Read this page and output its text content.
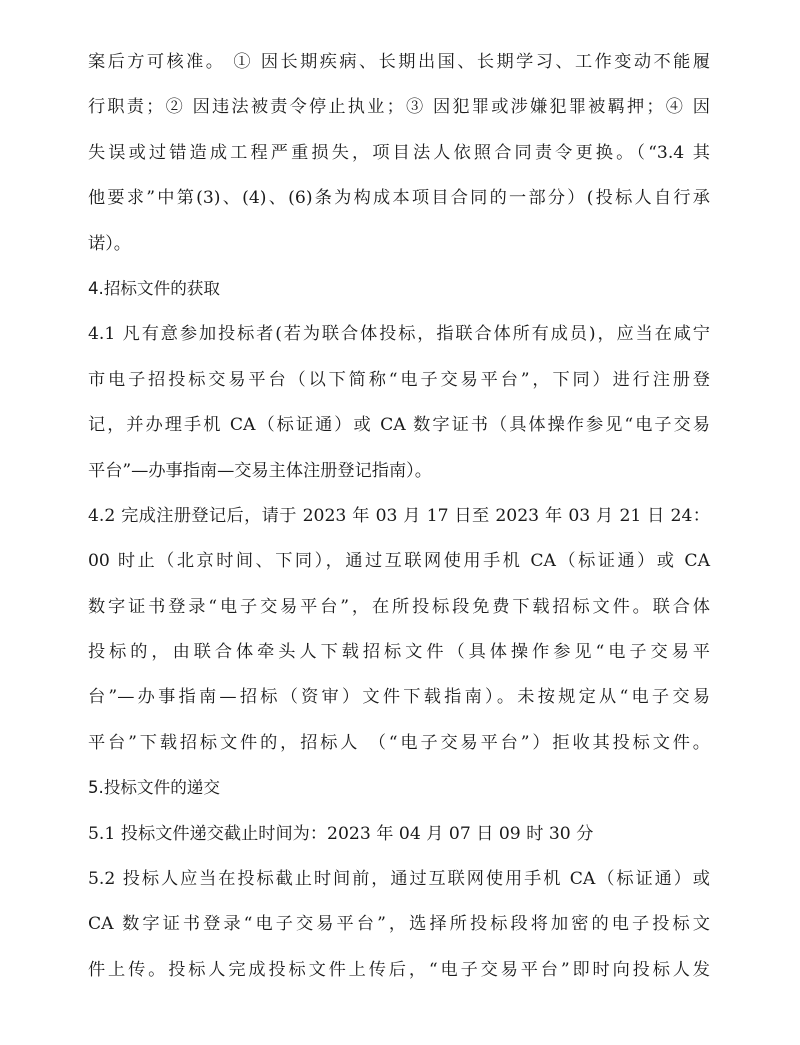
案后方可核准。 ① 因长期疾病、长期出国、长期学习、工作变动不能履
行职责；② 因违法被责令停止执业；③ 因犯罪或涉嫌犯罪被羁押；④ 因
失误或过错造成工程严重损失，项目法人依照合同责令更换。（“3.4 其
他要求”中第(3)、(4)、(6)条为构成本项目合同的一部分）(投标人自行承
诺）。
4.招标文件的获取
4.1 凡有意参加投标者(若为联合体投标，指联合体所有成员)，应当在咸宁
市电子招投标交易平台（以下简称“电子交易平台”，下同）进行注册登
记，并办理手机 CA（标证通）或 CA 数字证书（具体操作参见“电子交易
平台”—办事指南—交易主体注册登记指南）。
4.2 完成注册登记后，请于 2023 年 03 月 17 日至 2023 年 03 月 21 日 24：
00 时止（北京时间、下同），通过互联网使用手机 CA（标证通）或 CA
数字证书登录“电子交易平台”，在所投标段免费下载招标文件。联合体
投标的，由联合体牵头人下载招标文件（具体操作参见“电子交易平
台”—办事指南—招标（资审）文件下载指南）。未按规定从“电子交易
平台”下载招标文件的，招标人 （“电子交易平台”）拒收其投标文件。
5.投标文件的递交
5.1 投标文件递交截止时间为：2023 年 04 月 07 日 09 时 30 分
5.2 投标人应当在投标截止时间前，通过互联网使用手机 CA（标证通）或
CA 数字证书登录“电子交易平台”，选择所投标段将加密的电子投标文
件上传。投标人完成投标文件上传后，“电子交易平台”即时向投标人发
